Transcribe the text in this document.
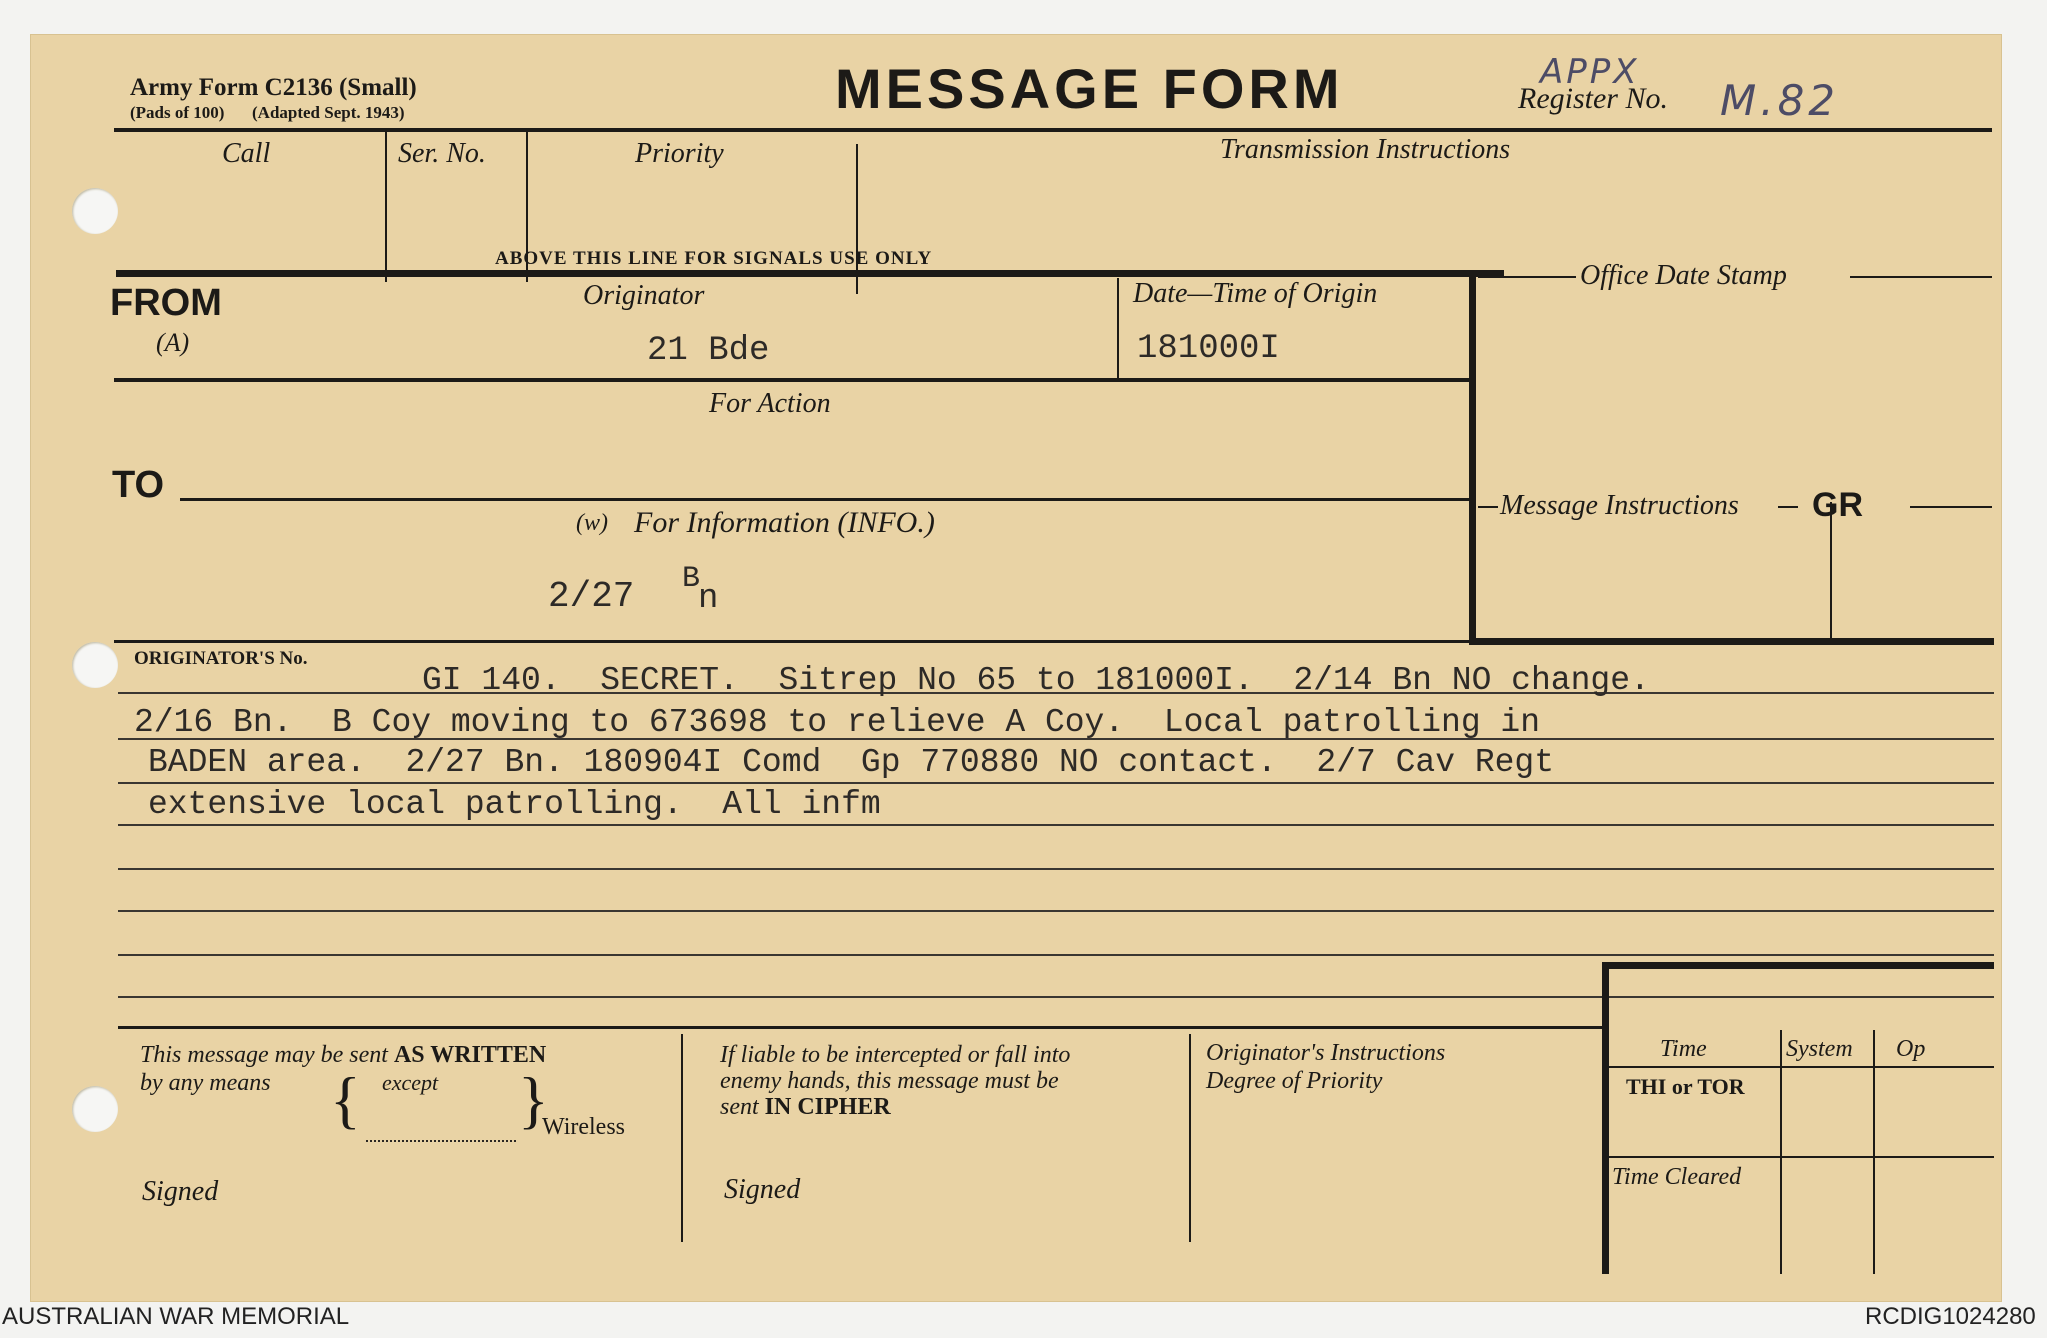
Army Form C2136 (Small)
(Pads of 100) (Adapted Sept. 1943)	MESSAGE FORM	APPX
Register No. M.82
Call	Ser. No.	Priority	Transmission Instructions
ABOVE THIS LINE FOR SIGNALS USE ONLY
FROM
(A)
Originator
21 Bde
Date—Time of Origin
181000I
Office Date Stamp
For Action
TO
(w) For Information (INFO.)
2/27 B
n
Message Instructions GR
ORIGINATOR'S No.
GI 140.  SECRET.  Sitrep No 65 to 181000I.  2/14 Bn NO change.
2/16 Bn.  B Coy moving to 673698 to relieve A Coy.  Local patrolling in
BADEN area.  2/27 Bn. 180904I Comd  Gp 770880 NO contact.  2/7 Cav Regt
extensive local patrolling.  All infm
This message may be sent AS WRITTEN
by any means { except }
Wireless
Signed
If liable to be intercepted or fall into
enemy hands, this message must be
sent IN CIPHER
Signed
Originator's Instructions
Degree of Priority
Time	System Op
THI or TOR
Time Cleared
AUSTRALIAN WAR MEMORIAL	RCDIG1024280
